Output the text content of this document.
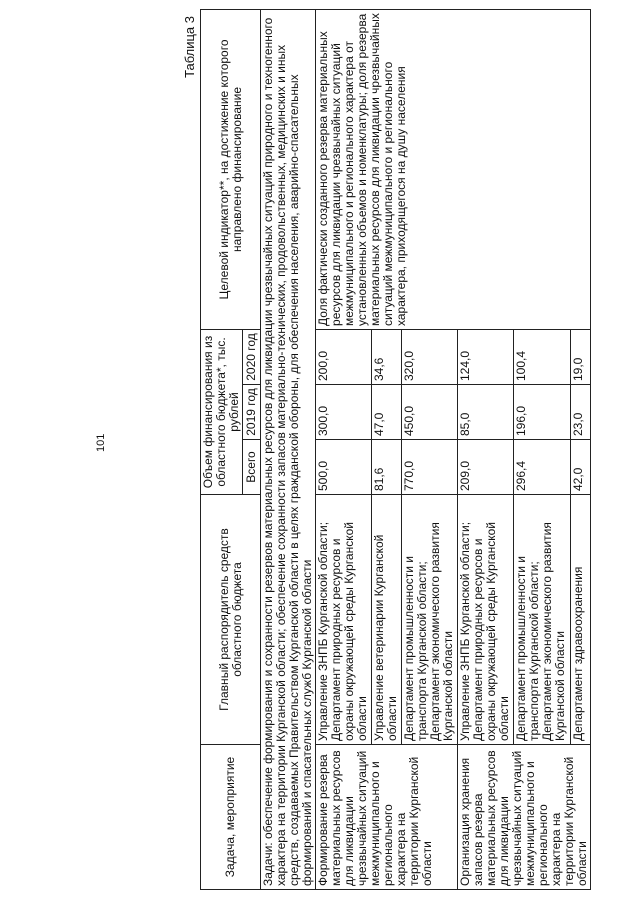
101
Таблица 3
Задача, мероприятие	Главный распорядитель средств областного бюджета	Объем финансирования из областного бюджета*, тыс. рублей			Целевой индикатор**, на достижение которого направлено финансирование
		Всего	2019 год	2020 год	
Задачи: обеспечение формирования и сохранности резервов материальных ресурсов для ликвидации чрезвычайных ситуаций природного и техногенного характера на территории Курганской области; обеспечение сохранности запасов материально-технических, продовольственных, медицинских и иных средств, создаваемых Правительством Курганской области в целях гражданской обороны, для обеспечения населения, аварийно-спасательных формирований и спасательных служб Курганской области					
Формирование резерва материальных ресурсов для ликвидации чрезвычайных ситуаций межмуниципального и регионального характера на территории Курганской области	Управление ЗНПБ Курганской области; Департамент природных ресурсов и охраны окружающей среды Курганской области	500,0	300,0	200,0	Доля фактически созданного резерва материальных ресурсов для ликвидации чрезвычайных ситуаций межмуниципального и регионального характера от установленных объемов и номенклатуры; доля резерва материальных ресурсов для ликвидации чрезвычайных ситуаций межмуниципального и регионального характера, приходящегося на душу населения
	Управление ветеринарии Курганской области	81,6	47,0	34,6	
	Департамент промышленности и транспорта Курганской области; Департамент экономического развития Курганской области	770,0	450,0	320,0	
Организация хранения запасов резерва материальных ресурсов для ликвидации чрезвычайных ситуаций межмуниципального и регионального характера на территории Курганской области	Управление ЗНПБ Курганской области; Департамент природных ресурсов и охраны окружающей среды Курганской области	209,0	85,0	124,0	
	Департамент промышленности и транспорта Курганской области; Департамент экономического развития Курганской области	296,4	196,0	100,4	
	Департамент здравоохранения	42,0	23,0	19,0	
